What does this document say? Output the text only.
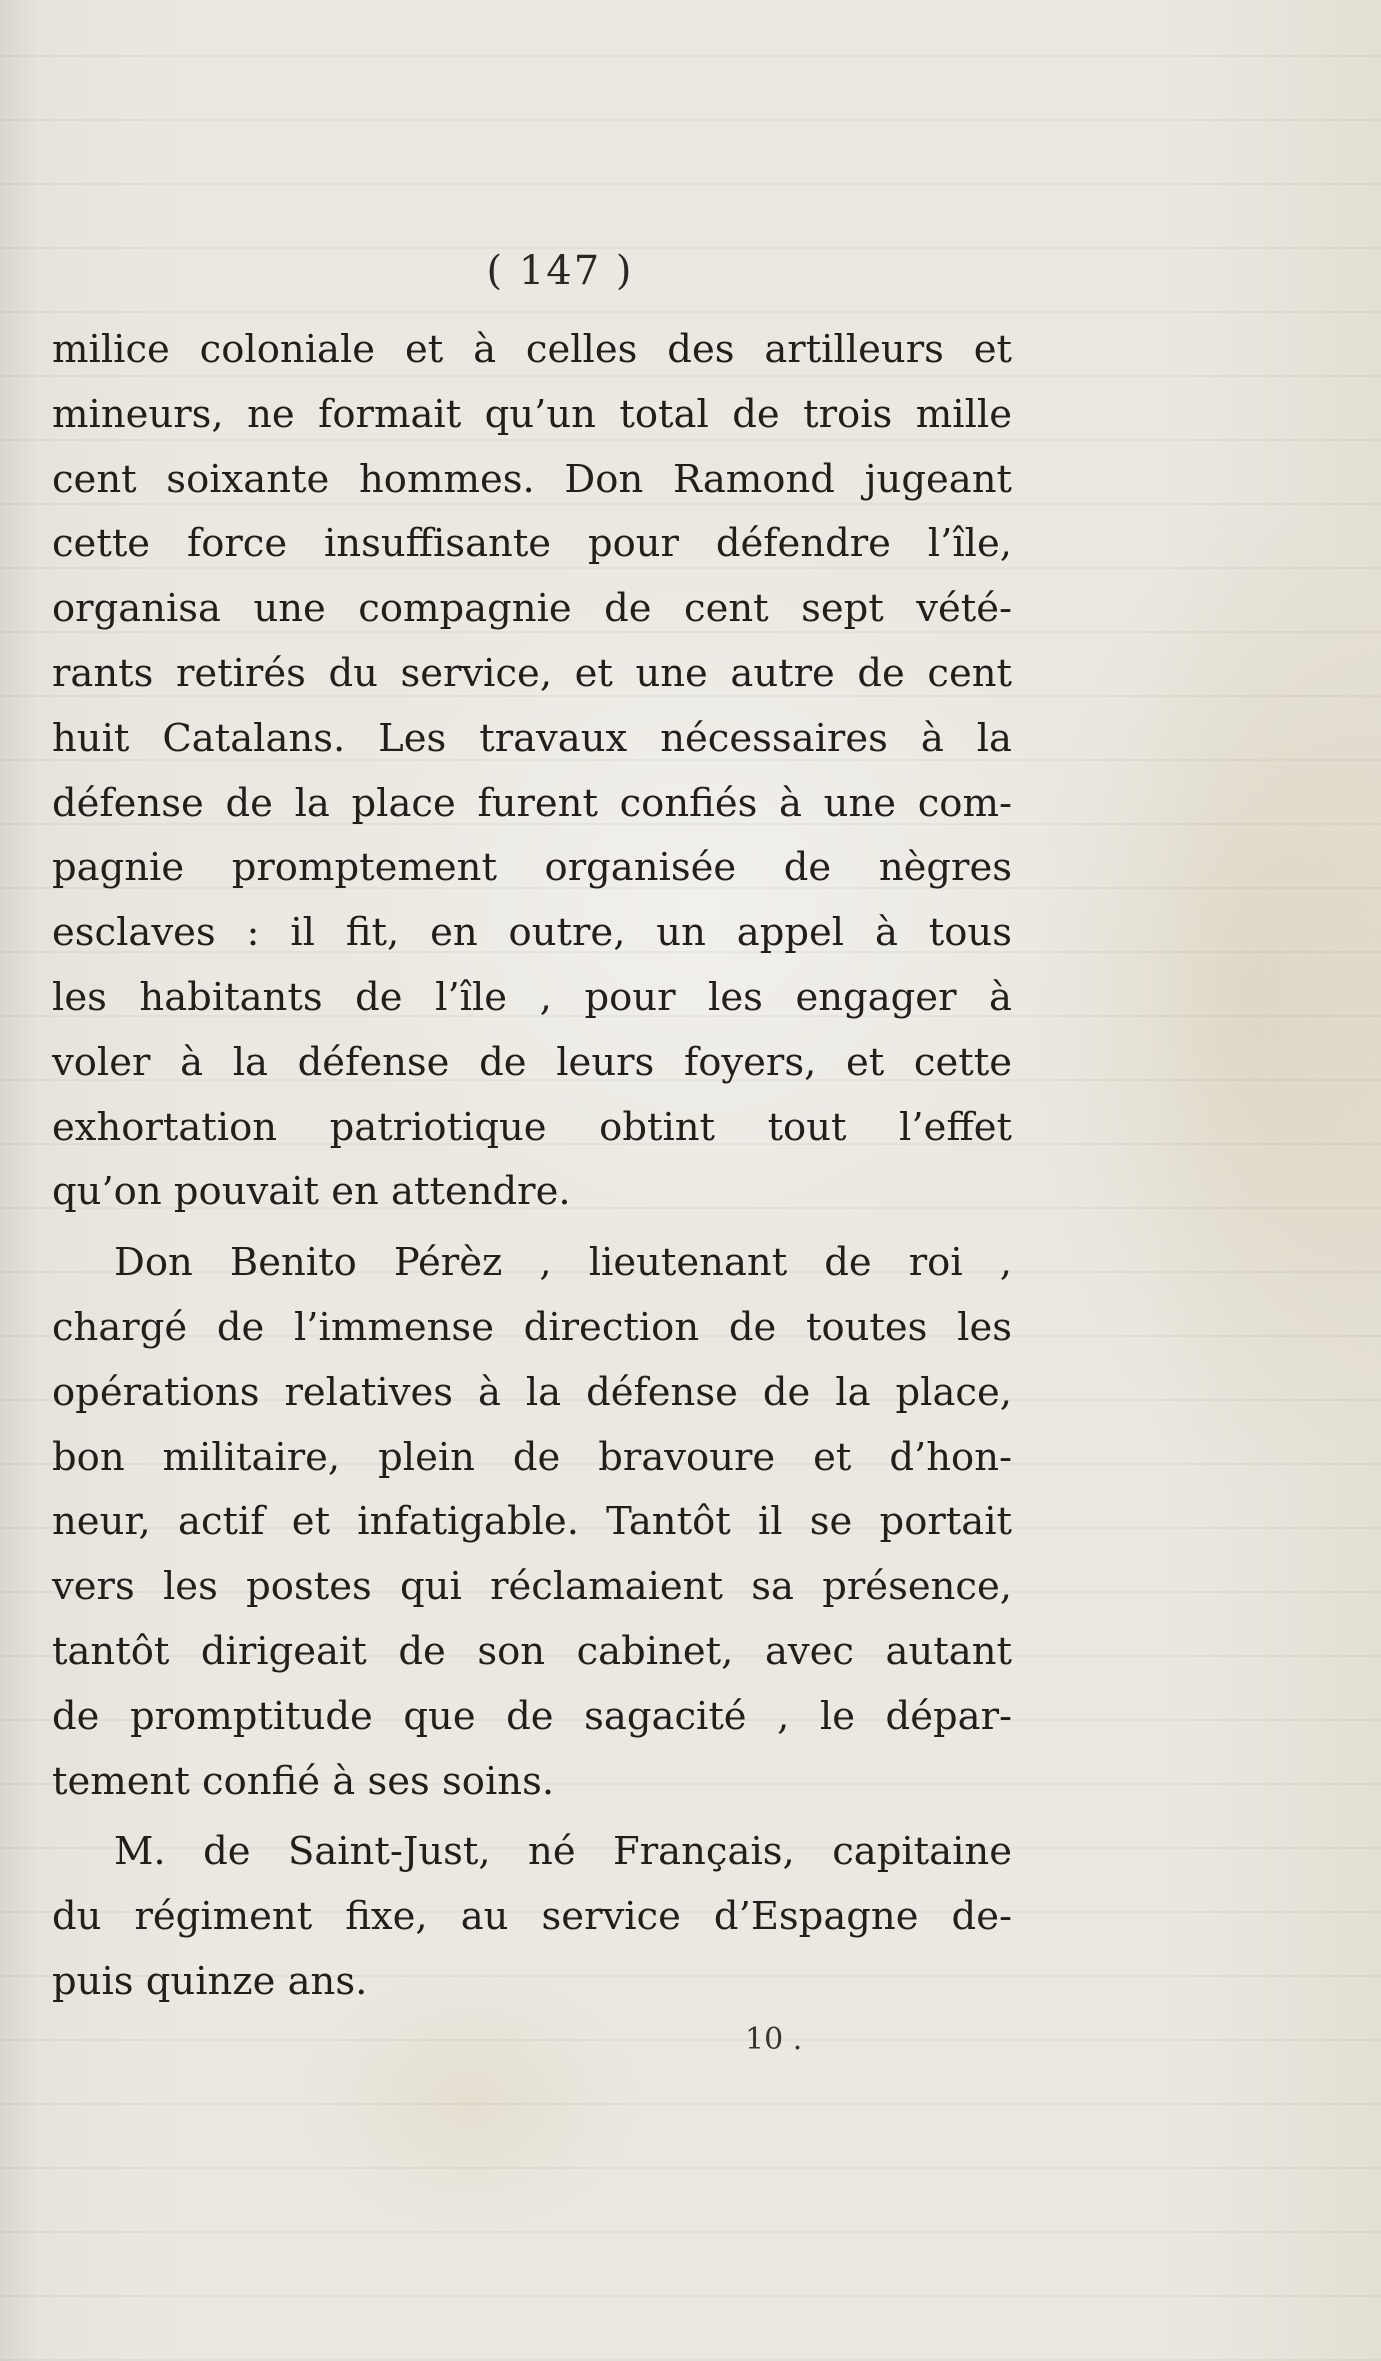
( 147 )
milice coloniale et à celles des artilleurs et
mineurs, ne formait qu’un total de trois mille
cent soixante hommes. Don Ramond jugeant
cette force insuffisante pour défendre l’île,
organisa une compagnie de cent sept vété-
rants retirés du service, et une autre de cent
huit Catalans. Les travaux nécessaires à la
défense de la place furent confiés à une com-
pagnie promptement organisée de nègres
esclaves : il fit, en outre, un appel à tous
les habitants de l’île , pour les engager à
voler à la défense de leurs foyers, et cette
exhortation patriotique obtint tout l’effet
qu’on pouvait en attendre.
Don Benito Pérèz , lieutenant de roi ,
chargé de l’immense direction de toutes les
opérations relatives à la défense de la place,
bon militaire, plein de bravoure et d’hon-
neur, actif et infatigable. Tantôt il se portait
vers les postes qui réclamaient sa présence,
tantôt dirigeait de son cabinet, avec autant
de promptitude que de sagacité , le dépar-
tement confié à ses soins.
M. de Saint-Just, né Français, capitaine
du régiment fixe, au service d’Espagne de-
puis quinze ans.
10 .
